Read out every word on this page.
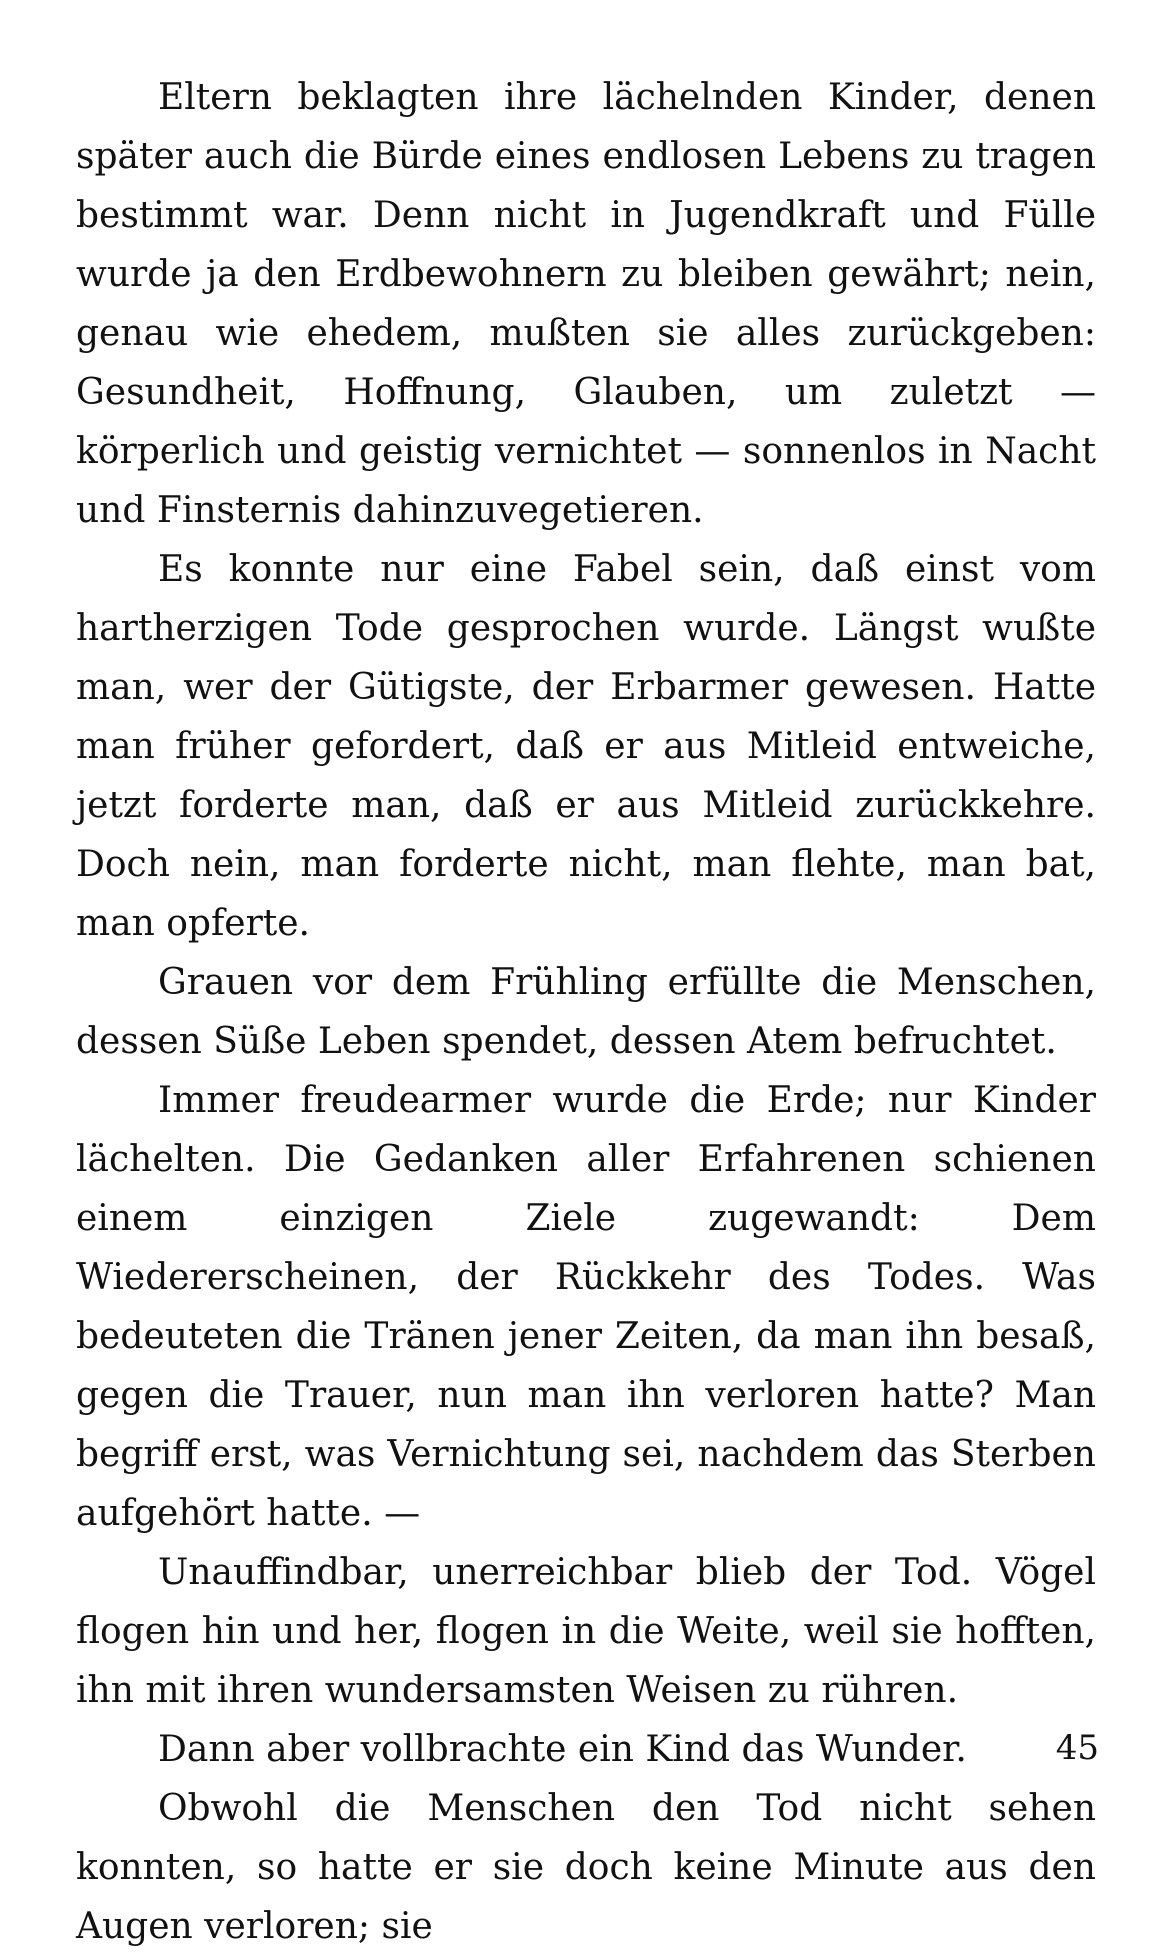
Eltern beklagten ihre lächelnden Kinder, denen später auch die Bürde eines endlosen Lebens zu tragen bestimmt war. Denn nicht in Jugendkraft und Fülle wurde ja den Erdbewohnern zu bleiben gewährt; nein, genau wie ehedem, mußten sie alles zurückgeben: Gesundheit, Hoffnung, Glauben, um zuletzt — körperlich und geistig vernichtet — sonnenlos in Nacht und Finsternis dahinzuvegetieren.

Es konnte nur eine Fabel sein, daß einst vom hartherzigen Tode gesprochen wurde. Längst wußte man, wer der Gütigste, der Erbarmer gewesen. Hatte man früher gefordert, daß er aus Mitleid entweiche, jetzt forderte man, daß er aus Mitleid zurückkehre. Doch nein, man forderte nicht, man flehte, man bat, man opferte.

Grauen vor dem Frühling erfüllte die Menschen, dessen Süße Leben spendet, dessen Atem befruchtet.

Immer freudearmer wurde die Erde; nur Kinder lächelten. Die Gedanken aller Erfahrenen schienen einem einzigen Ziele zugewandt: Dem Wiedererscheinen, der Rückkehr des Todes. Was bedeuteten die Tränen jener Zeiten, da man ihn besaß, gegen die Trauer, nun man ihn verloren hatte? Man begriff erst, was Vernichtung sei, nachdem das Sterben aufgehört hatte. —

Unauffindbar, unerreichbar blieb der Tod. Vögel flogen hin und her, flogen in die Weite, weil sie hofften, ihn mit ihren wundersamsten Weisen zu rühren.

Dann aber vollbrachte ein Kind das Wunder.

Obwohl die Menschen den Tod nicht sehen konnten, so hatte er sie doch keine Minute aus den Augen verloren; sie

45
